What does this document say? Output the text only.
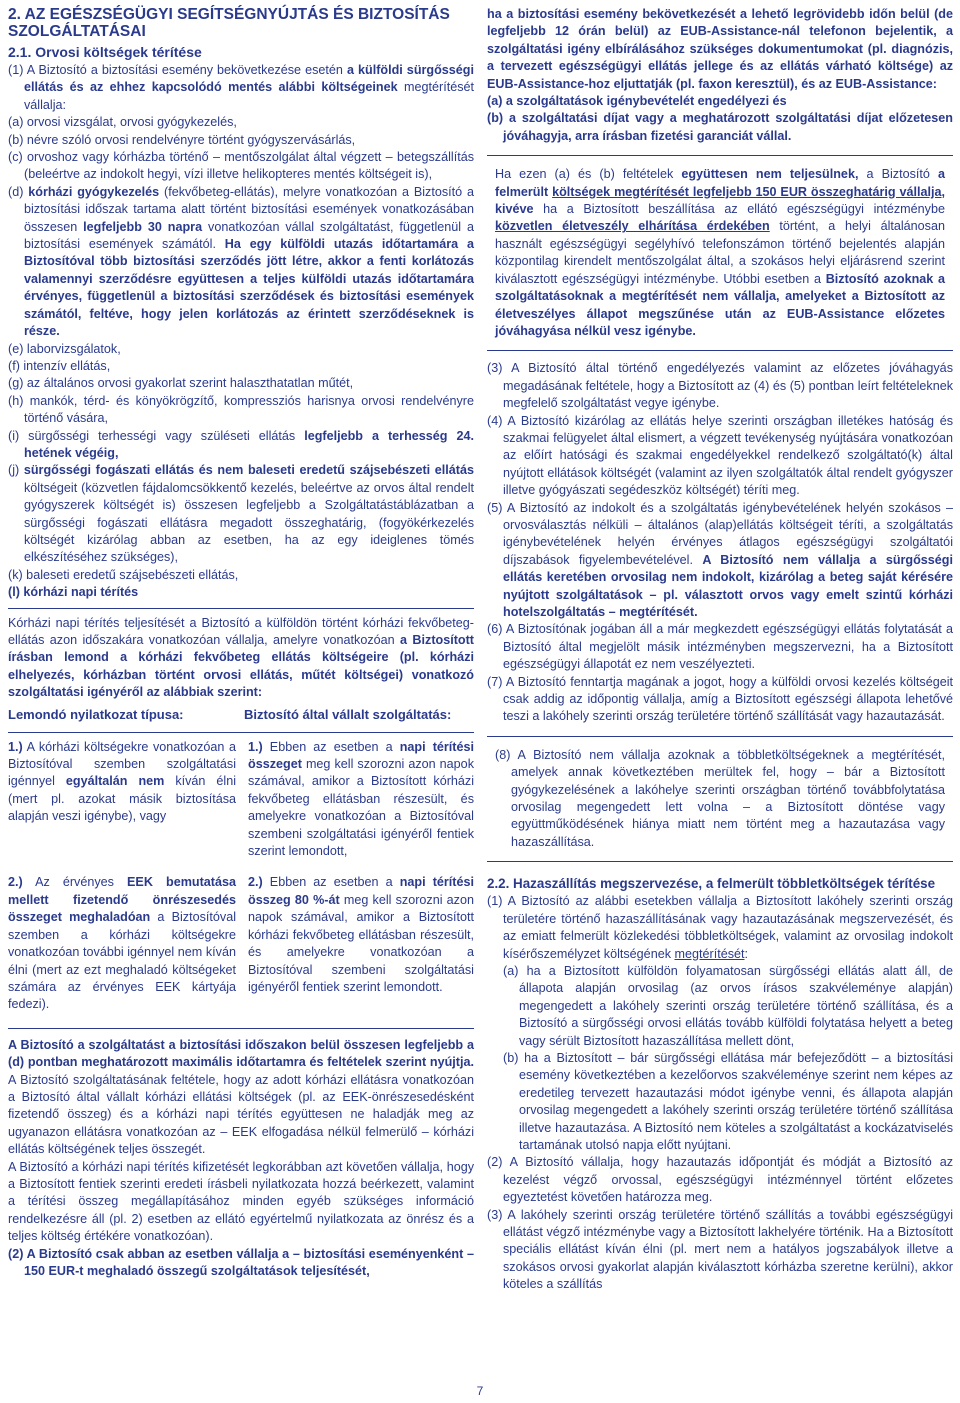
2. AZ EGÉSZSÉGÜGYI SEGÍTSÉGNYÚJTÁS ÉS BIZTOSÍTÁS SZOLGÁLTATÁSAI
2.1. Orvosi költségek térítése
(1) A Biztosító a biztosítási esemény bekövetkezése esetén a külföldi sürgősségi ellátás és az ehhez kapcsolódó mentés alábbi költségeinek megtérítését vállalja:
(a) orvosi vizsgálat, orvosi gyógykezelés,
(b) névre szóló orvosi rendelvényre történt gyógyszervásárlás,
(c) orvoshoz vagy kórházba történő – mentőszolgálat által végzett – betegszállítás (beleértve az indokolt hegyi, vízi illetve helikopteres mentés költségeit is),
(d) kórházi gyógykezelés (fekvőbeteg-ellátás), melyre vonatkozóan a Biztosító a biztosítási időszak tartama alatt történt biztosítási események vonatkozásában összesen legfeljebb 30 napra vonatkozóan vállal szolgáltatást, függetlenül a biztosítási események számától. Ha egy külföldi utazás időtartamára a Biztosítóval több biztosítási szerződés jött létre, akkor a fenti korlátozás valamennyi szerződésre együttesen a teljes külföldi utazás időtartamára érvényes, függetlenül a biztosítási szerződések és biztosítási események számától, feltéve, hogy jelen korlátozás az érintett szerződéseknek is része.
(e) laborvizsgálatok,
(f) intenzív ellátás,
(g) az általános orvosi gyakorlat szerint halaszthatatlan műtét,
(h) mankók, térd- és könyökrögzítő, kompressziós harisnya orvosi rendelvényre történő vására,
(i) sürgősségi terhességi vagy szüléseti ellátás legfeljebb a terhesség 24. hetének végéig,
(j) sürgősségi fogászati ellátás és nem baleseti eredetű szájsebészeti ellátás költségeit (közvetlen fájdalomcsökkentő kezelés, beleértve az orvos által rendelt gyógyszerek költségét is) összesen legfeljebb a Szolgáltatástáblázatban a sürgősségi fogászati ellátásra megadott összeghatárig, (fogyökérkezelés költségét kizárólag abban az esetben, ha az egy ideiglenes tömés elkészítéséhez szükséges),
(k) baleseti eredetű szájsebészeti ellátás,
(l) kórházi napi térítés
Kórházi napi térítés teljesítését a Biztosító a külföldön történt kórházi fekvőbeteg-ellátás azon időszakára vonatkozóan vállalja, amelyre vonatkozóan a Biztosított írásban lemond a kórházi fekvőbeteg ellátás költségeire (pl. kórházi elhelyezés, kórházban történt orvosi ellátás, műtét költségei) vonatkozó szolgáltatási igényéről az alábbiak szerint:
Lemondó nyilatkozat típusa:	Biztosító által vállalt szolgáltatás:
1.) A kórházi költségekre vonatkozóan a Biztosítóval szemben szolgáltatási igénnyel egyáltalán nem kíván élni (mert pl. azokat másik biztosítása alapján veszi igénybe), vagy
1.) Ebben az esetben a napi térítési összeget meg kell szorozni azon napok számával, amikor a Biztosított kórházi fekvőbeteg ellátásban részesült, és amelyekre vonatkozóan a Biztosítóval szembeni szolgáltatási igényéről fentiek szerint lemondott,
2.) Az érvényes EEK bemutatása mellett fizetendő önrészesedés összeget meghaladóan a Biztosítóval szemben a kórházi költségekre vonatkozóan további igénnyel nem kíván élni (mert az ezt meghaladó költségeket számára az érvényes EEK kártyája fedezi).
2.) Ebben az esetben a napi térítési összeg 80 %-át meg kell szorozni azon napok számával, amikor a Biztosított kórházi fekvőbeteg ellátásban részesült, és amelyekre vonatkozóan a Biztosítóval szembeni szolgáltatási igényéről fentiek szerint lemondott.
A Biztosító a szolgáltatást a biztosítási időszakon belül összesen legfeljebb a (d) pontban meghatározott maximális időtartamra és feltételek szerint nyújtja. A Biztosító szolgáltatásának feltétele, hogy az adott kórházi ellátásra vonatkozóan a Biztosító által vállalt kórházi ellátási költségek (pl. az EEK-önrészesedésként fizetendő összeg) és a kórházi napi térítés együttesen ne haladják meg az ugyanazon ellátásra vonatkozóan az – EEK elfogadása nélkül felmerülő – kórházi ellátás költségének teljes összegét.
A Biztosító a kórházi napi térítés kifizetését legkorábban azt követően vállalja, hogy a Biztosított fentiek szerinti eredeti írásbeli nyilatkozata hozzá beérkezett, valamint a térítési összeg megállapításához minden egyéb szükséges információ rendelkezésre áll (pl. 2) esetben az ellátó egyértelmű nyilatkozata az önrész és a teljes költség értékére vonatkozóan).
(2) A Biztosító csak abban az esetben vállalja a – biztosítási eseményenként – 150 EUR-t meghaladó összegű szolgáltatások teljesítését,
ha a biztosítási esemény bekövetkezését a lehető legrövidebb időn belül (de legfeljebb 12 órán belül) az EUB-Assistance-nál telefonon bejelentik, a szolgáltatási igény elbírálásához szükséges dokumentumokat (pl. diagnózis, a tervezett egészségügyi ellátás jellege és az ellátás várható költsége) az EUB-Assistance-hoz eljuttatják (pl. faxon keresztül), és az EUB-Assistance:
(a) a szolgáltatások igénybevételét engedélyezi és
(b) a szolgáltatási díjat vagy a meghatározott szolgáltatási díjat előzetesen jóváhagyja, arra írásban fizetési garanciát vállal.
Ha ezen (a) és (b) feltételek együttesen nem teljesülnek, a Biztosító a felmerült költségek megtérítését legfeljebb 150 EUR összeghatárig vállalja, kivéve ha a Biztosított beszállítása az ellátó egészségügyi intézménybe közvetlen életveszély elhárítása érdekében történt, a helyi általánosan használt egészségügyi segélyhívó telefonszámon történő bejelentés alapján központilag kirendelt mentőszolgálat által, a szokásos helyi eljárásrend szerint kiválasztott egészségügyi intézménybe. Utóbbi esetben a Biztosító azoknak a szolgáltatásoknak a megtérítését nem vállalja, amelyeket a Biztosított az életveszélyes állapot megszűnése után az EUB-Assistance előzetes jóváhagyása nélkül vesz igénybe.
(3) A Biztosító által történő engedélyezés valamint az előzetes jóváhagyás megadásának feltétele, hogy a Biztosított az (4) és (5) pontban leírt feltételeknek megfelelő szolgáltatást vegye igénybe.
(4) A Biztosító kizárólag az ellátás helye szerinti országban illetékes hatóság és szakmai felügyelet által elismert, a végzett tevékenység nyújtására vonatkozóan az előírt hatósági és szakmai engedélyekkel rendelkező szolgáltató(k) által nyújtott ellátások költségét (valamint az ilyen szolgáltatók által rendelt gyógyszer illetve gyógyászati segédeszköz költségét) téríti meg.
(5) A Biztosító az indokolt és a szolgáltatás igénybevételének helyén szokásos – orvosválasztás nélküli – általános (alap)ellátás költségeit téríti, a szolgáltatás igénybevételének helyén érvényes átlagos egészségügyi szolgáltatói díjszabások figyelembevételével. A Biztosító nem vállalja a sürgősségi ellátás keretében orvosilag nem indokolt, kizárólag a beteg saját kérésére nyújtott szolgáltatások – pl. választott orvos vagy emelt szintű kórházi hotelszolgáltatás – megtérítését.
(6) A Biztosítónak jogában áll a már megkezdett egészségügyi ellátás folytatását a Biztosító által megjelölt másik intézményben megszervezni, ha a Biztosított egészségügyi állapotát ez nem veszélyezteti.
(7) A Biztosító fenntartja magának a jogot, hogy a külföldi orvosi kezelés költségeit csak addig az időpontig vállalja, amíg a Biztosított egészségi állapota lehetővé teszi a lakóhely szerinti ország területére történő szállítását vagy hazautazását.
(8) A Biztosító nem vállalja azoknak a többletköltségeknek a megtérítését, amelyek annak következtében merültek fel, hogy – bár a Biztosított gyógykezelésének a lakóhelye szerinti országban történő továbbfolytatása orvosilag megengedett lett volna – a Biztosított döntése vagy együttműködésének hiánya miatt nem történt meg a hazautazása vagy hazaszállítása.
2.2. Hazaszállítás megszervezése, a felmerült többletköltségek térítése
(1) A Biztosító az alábbi esetekben vállalja a Biztosított lakóhely szerinti ország területére történő hazaszállításának vagy hazautazásának megszervezését, és az emiatt felmerült közlekedési többletköltségek, valamint az orvosilag indokolt kísérőszemélyzet költségének megtérítését:
(a) ha a Biztosított külföldön folyamatosan sürgősségi ellátás alatt áll, de állapota alapján orvosilag (az orvos írásos szakvéleménye alapján) megengedett a lakóhely szerinti ország területére történő szállítása, és a Biztosító a sürgősségi orvosi ellátás tovább külföldi folytatása helyett a beteg vagy sérült Biztosított hazaszállítása mellett dönt,
(b) ha a Biztosított – bár sürgősségi ellátása már befejeződött – a biztosítási esemény következtében a kezelőorvos szakvéleménye szerint nem képes az eredetileg tervezett hazautazási módot igénybe venni, és állapota alapján orvosilag megengedett a lakóhely szerinti ország területére történő szállítása illetve hazautazása. A Biztosító nem köteles a szolgáltatást a kockázatviselés tartamának utolsó napja előtt nyújtani.
(2) A Biztosító vállalja, hogy hazautazás időpontját és módját a Biztosító az kezelést végző orvossal, egészségügyi intézménnyel történt előzetes egyeztetést követően határozza meg.
(3) A lakóhely szerinti ország területére történő szállítás a további egészségügyi ellátást végző intézménybe vagy a Biztosított lakhelyére történik. Ha a Biztosított speciális ellátást kíván élni (pl. mert nem a hatályos jogszabályok illetve a szokásos orvosi gyakorlat alapján kiválasztott kórházba szeretne kerülni), akkor köteles a szállítás
7
